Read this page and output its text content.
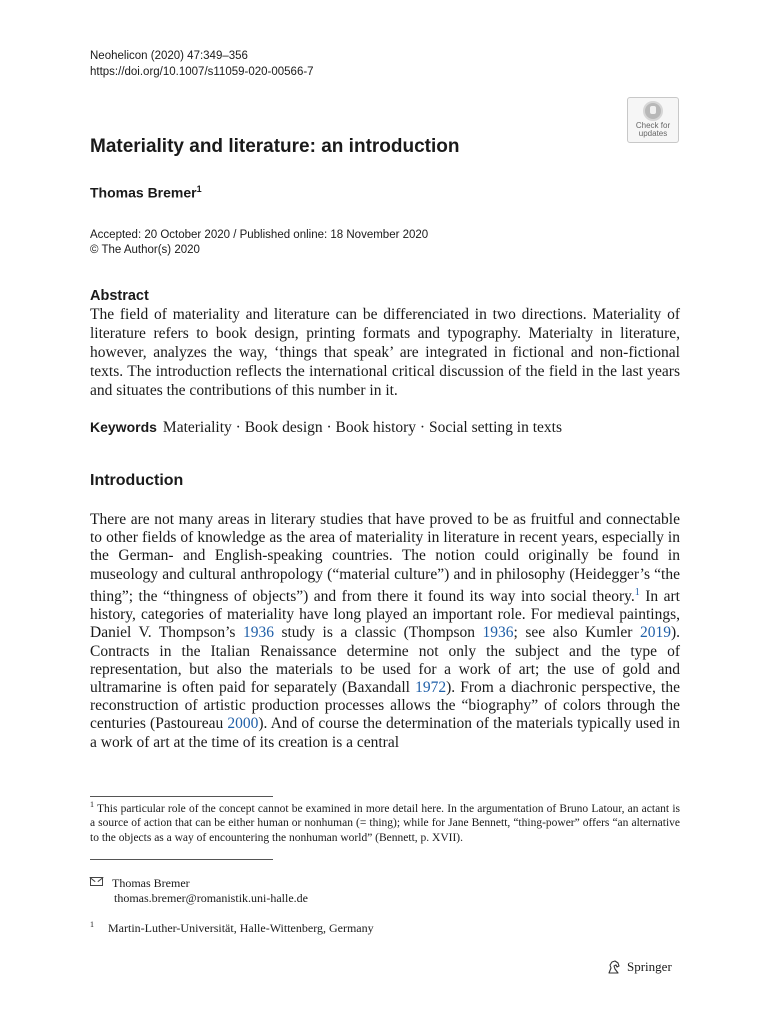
Neohelicon (2020) 47:349–356
https://doi.org/10.1007/s11059-020-00566-7
Check for
updates
Materiality and literature: an introduction
Thomas Bremer$^1$
Accepted: 20 October 2020 / Published online: 18 November 2020
© The Author(s) 2020
Abstract
The field of materiality and literature can be differenciated in two directions. Materiality of literature refers to book design, printing formats and typography. Materialty in literature, however, analyzes the way, ‘things that speak’ are integrated in fictional and non-fictional texts. The introduction reflects the international critical discussion of the field in the last years and situates the contributions of this number in it.
Keywords Materiality · Book design · Book history · Social setting in texts
Introduction

There are not many areas in literary studies that have proved to be as fruitful and connectable to other fields of knowledge as the area of materiality in literature in recent years, especially in the German- and English-speaking countries. The notion could originally be found in museology and cultural anthropology (“material culture”) and in philosophy (Heidegger’s “the thing”; the “thingness of objects”) and from there it found its way into social theory.$^1$ In art history, categories of materiality have long played an important role. For medieval paintings, Daniel V. Thompson’s 1936 study is a classic (Thompson 1936; see also Kumler 2019). Contracts in the Italian Renaissance determine not only the subject and the type of representation, but also the materials to be used for a work of art; the use of gold and ultramarine is often paid for separately (Baxandall 1972). From a diachronic perspective, the reconstruction of artistic production processes allows the “biography” of colors through the centuries (Pastoureau 2000). And of course the determination of the materials typically used in a work of art at the time of its creation is a central

$^1$ This particular role of the concept cannot be examined in more detail here. In the argumentation of Bruno Latour, an actant is a source of action that can be either human or nonhuman (= thing); while for Jane Bennett, “thing-power” offers “an alternative to the objects as a way of encountering the nonhuman world” (Bennett, p. XVII).
Thomas Bremer
thomas.bremer@romanistik.uni-halle.de
$^1$ Martin-Luther-Universität, Halle-Wittenberg, Germany
Springer
